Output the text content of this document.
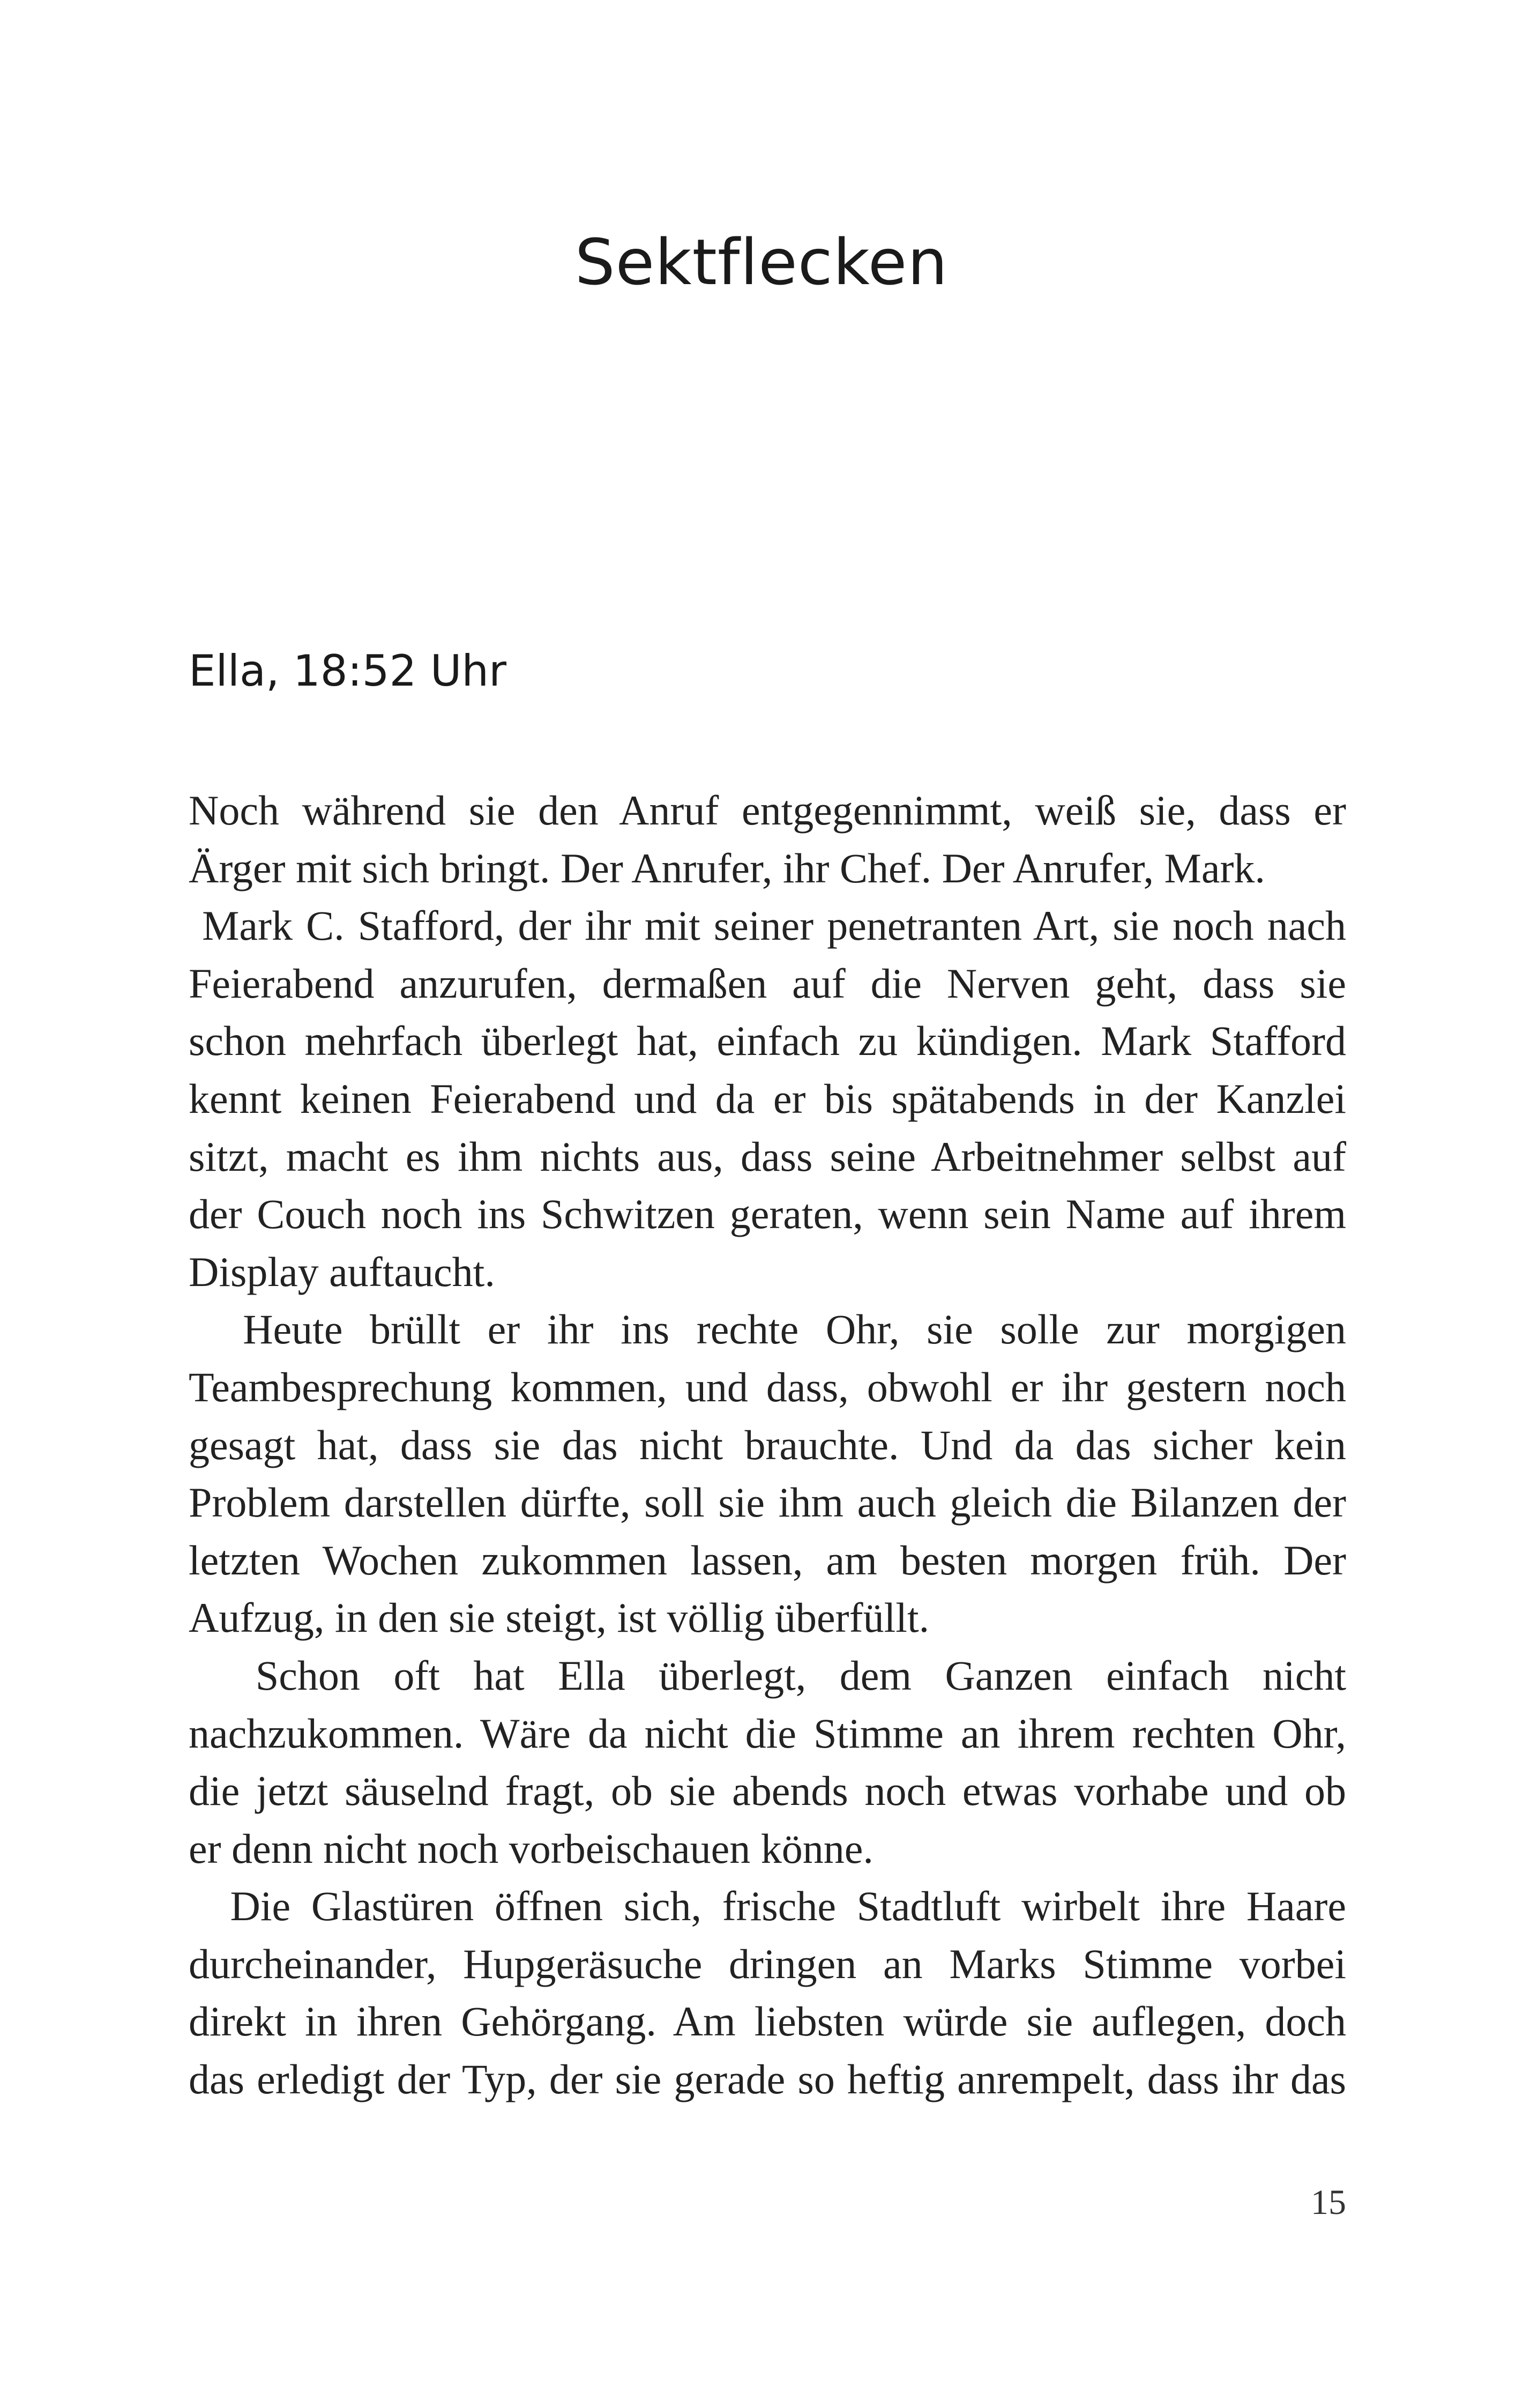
Sektflecken
Ella, 18:52 Uhr
Noch während sie den Anruf entgegennimmt, weiß sie, dass er
Ärger mit sich bringt. Der Anrufer, ihr Chef. Der Anrufer, Mark.
Mark C. Stafford, der ihr mit seiner penetranten Art, sie noch nach
Feierabend anzurufen, dermaßen auf die Nerven geht, dass sie
schon mehrfach überlegt hat, einfach zu kündigen. Mark Stafford
kennt keinen Feierabend und da er bis spätabends in der Kanzlei
sitzt, macht es ihm nichts aus, dass seine Arbeitnehmer selbst auf
der Couch noch ins Schwitzen geraten, wenn sein Name auf ihrem
Display auftaucht.
Heute brüllt er ihr ins rechte Ohr, sie solle zur morgigen
Teambesprechung kommen, und dass, obwohl er ihr gestern noch
gesagt hat, dass sie das nicht brauchte. Und da das sicher kein
Problem darstellen dürfte, soll sie ihm auch gleich die Bilanzen der
letzten Wochen zukommen lassen, am besten morgen früh. Der
Aufzug, in den sie steigt, ist völlig überfüllt.
Schon oft hat Ella überlegt, dem Ganzen einfach nicht
nachzukommen. Wäre da nicht die Stimme an ihrem rechten Ohr,
die jetzt säuselnd fragt, ob sie abends noch etwas vorhabe und ob
er denn nicht noch vorbeischauen könne.
Die Glastüren öffnen sich, frische Stadtluft wirbelt ihre Haare
durcheinander, Hupgeräsuche dringen an Marks Stimme vorbei
direkt in ihren Gehörgang. Am liebsten würde sie auflegen, doch
das erledigt der Typ, der sie gerade so heftig anrempelt, dass ihr das
15
